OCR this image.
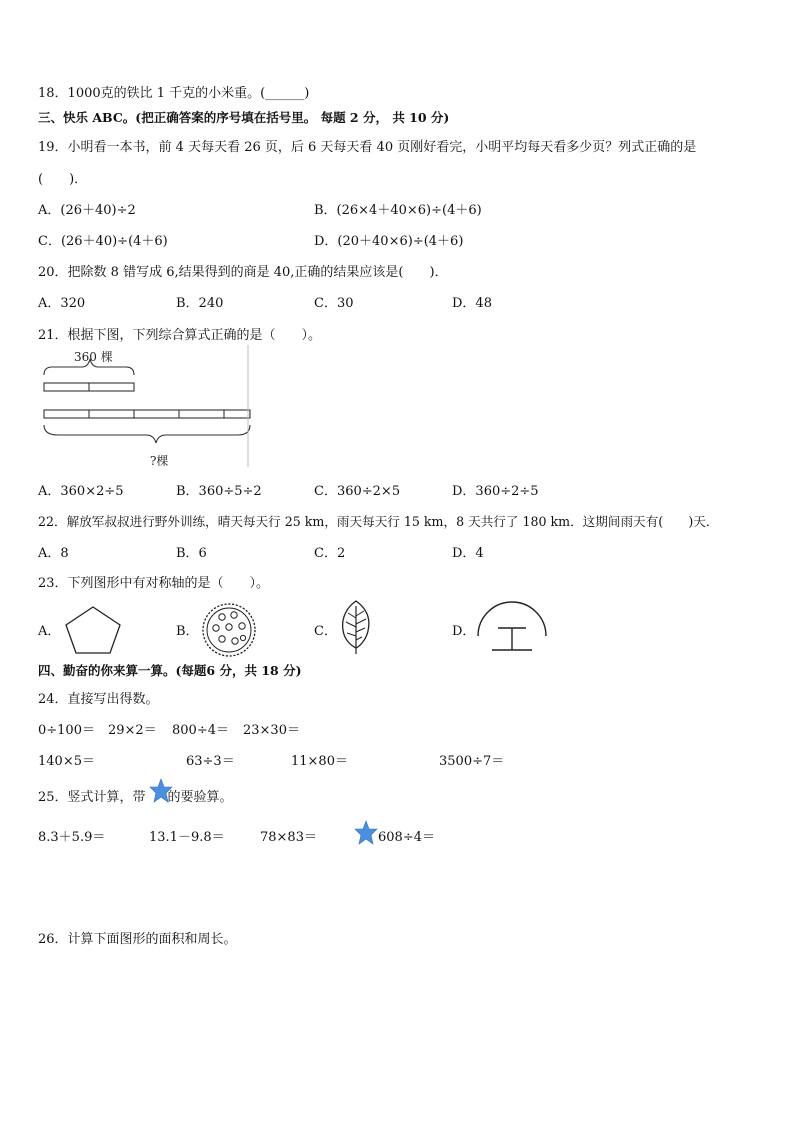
18．1000克的铁比 1 千克的小米重。(______)
三、快乐 ABC。(把正确答案的序号填在括号里。 每题 2 分， 共 10 分)
19．小明看一本书，前 4 天每天看 26 页，后 6 天每天看 40 页刚好看完，小明平均每天看多少页？列式正确的是
(　　)．
A．(26＋40)÷2	B．(26×4＋40×6)÷(4＋6)
C．(26＋40)÷(4＋6)	D．(20＋40×6)÷(4＋6)
20．把除数 8 错写成 6,结果得到的商是 40,正确的结果应该是(　　)．
A．320	B．240	C．30	D．48
21．根据下图，下列综合算式正确的是（　　）。
360 棵
?棵
A．360×2÷5	B．360÷5÷2	C．360÷2×5	D．360÷2÷5
22．解放军叔叔进行野外训练，晴天每天行 25 km，雨天每天行 15 km，8 天共行了 180 km．这期间雨天有(　　)天．
A．8	B．6	C．2	D．4
23．下列图形中有对称轴的是（　　）。
A．	B．	C．	D．
四、勤奋的你来算一算。(每题6 分，共 18 分)
24．直接写出得数。
0÷100＝ 29×2＝ 800÷4＝ 23×30＝
140×5＝	63÷3＝	11×80＝	3500÷7＝
25．竖式计算，带 的要验算。
8.3＋5.9＝	13.1－9.8＝	78×83＝	608÷4＝
26．计算下面图形的面积和周长。
